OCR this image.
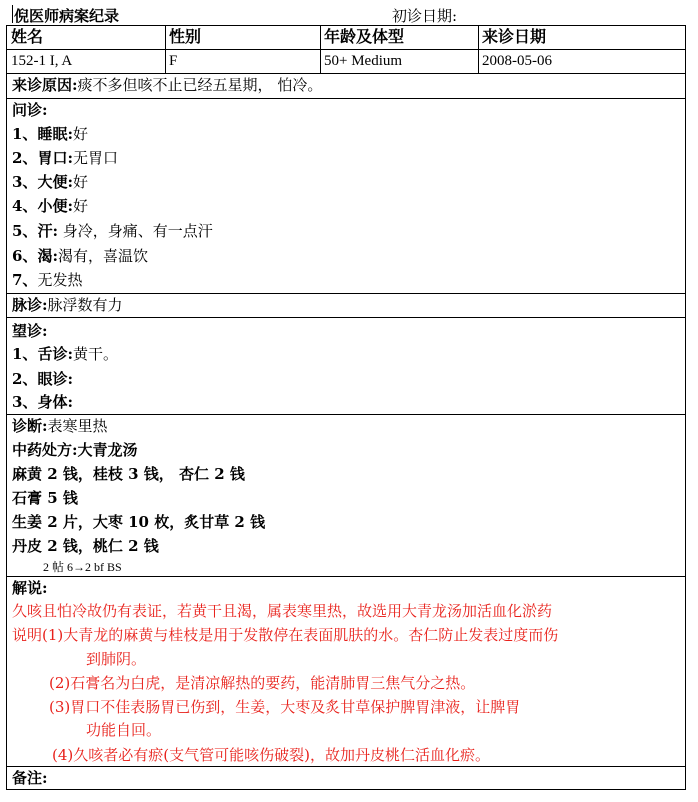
倪医师病案纪录	初诊日期:
姓名	性别	年龄及体型	来诊日期
152-1 I, A	F	50+ Medium	2008-05-06
来诊原因:痰不多但咳不止已经五星期， 怕冷。
问诊:
1、睡眠:好
2、胃口:无胃口
3、大便:好
4、小便:好
5、汗: 身冷，身痛、有一点汗
6、渴:渴有，喜温饮
7、无发热
脉诊:脉浮数有力
望诊:
1、舌诊:黄干。
2、眼诊:
3、身体:
诊断:表寒里热
中药处方:大青龙汤
麻黄 2 钱，桂枝 3 钱， 杏仁 2 钱
石膏 5 钱
生姜 2 片，大枣 10 枚，炙甘草 2 钱
丹皮 2 钱，桃仁 2 钱
2 帖 6→2 bf BS
解说:
久咳且怕冷故仍有表证，若黄干且渴，属表寒里热，故选用大青龙汤加活血化淤药
说明(1)大青龙的麻黄与桂枝是用于发散停在表面肌肤的水。杏仁防止发表过度而伤
到肺阴。
(2)石膏名为白虎，是清凉解热的要药，能清肺胃三焦气分之热。
(3)胃口不佳表肠胃已伤到，生姜，大枣及炙甘草保护脾胃津液，让脾胃
功能自回。
(4)久咳者必有瘀(支气管可能咳伤破裂)，故加丹皮桃仁活血化瘀。
备注:
